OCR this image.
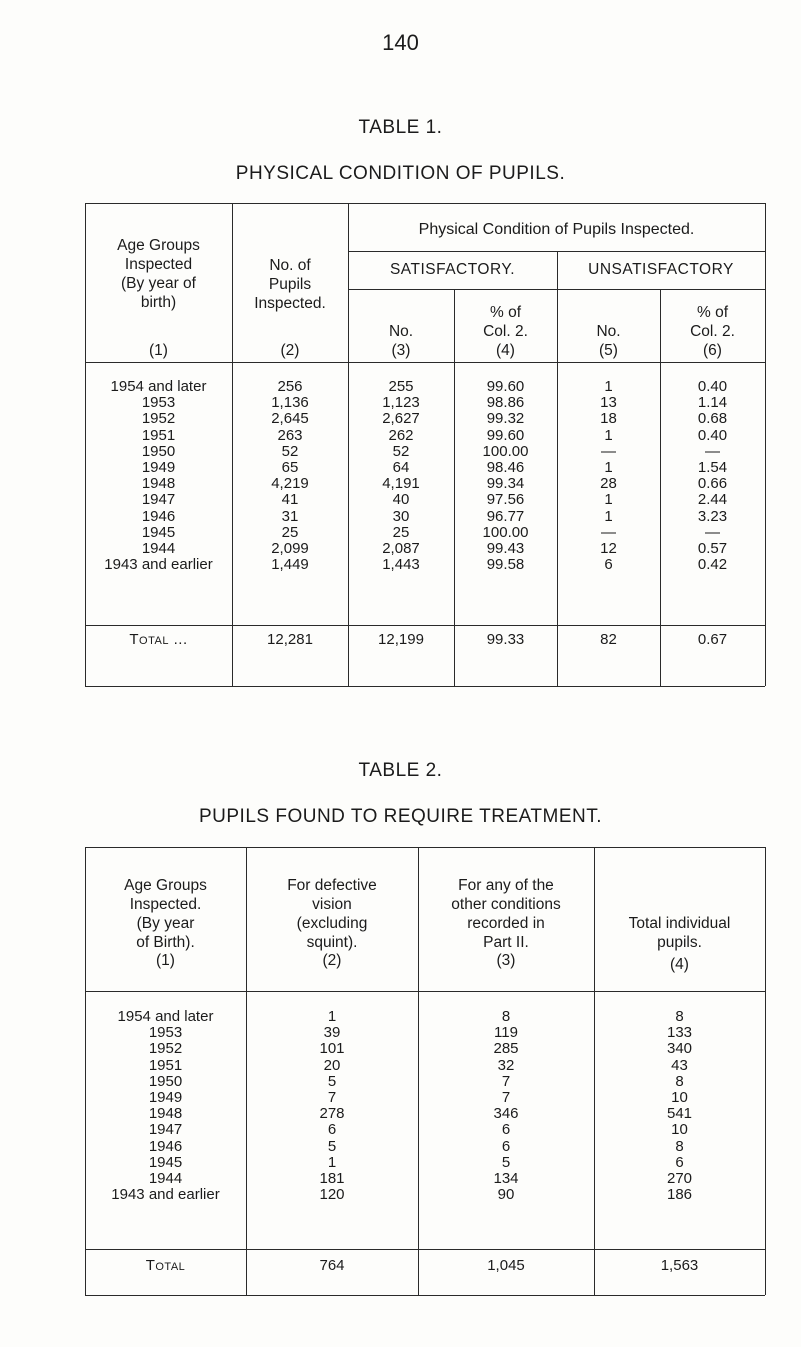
140
TABLE 1.
PHYSICAL CONDITION OF PUPILS.
Physical Condition of Pupils Inspected.
SATISFACTORY.	UNSATISFACTORY
Age Groups
Inspected
(By year of
birth)
(1)
No. of
Pupils
Inspected.
(2)
No.
(3)
% of
Col. 2.
(4)
No.
(5)
% of
Col. 2.
(6)
1954 and later	256	255	99.60	1	0.40
1953	1,136	1,123	98.86	13	1.14
1952	2,645	2,627	99.32	18	0.68
1951	263	262	99.60	1	0.40
1950	52	52	100.00	—	—
1949	65	64	98.46	1	1.54
1948	4,219	4,191	99.34	28	0.66
1947	41	40	97.56	1	2.44
1946	31	30	96.77	1	3.23
1945	25	25	100.00	—	—
1944	2,099	2,087	99.43	12	0.57
1943 and earlier	1,449	1,443	99.58	6	0.42
Total ...	12,281	12,199	99.33	82	0.67
TABLE 2.
PUPILS FOUND TO REQUIRE TREATMENT.
Age Groups
Inspected.
(By year
of Birth).
(1)
For defective
vision
(excluding
squint).
(2)
For any of the
other conditions
recorded in
Part II.
(3)
Total individual
pupils.
(4)
1954 and later	1	8	8
1953	39	119	133
1952	101	285	340
1951	20	32	43
1950	5	7	8
1949	7	7	10
1948	278	346	541
1947	6	6	10
1946	5	6	8
1945	1	5	6
1944	181	134	270
1943 and earlier	120	90	186
Total	764	1,045	1,563
